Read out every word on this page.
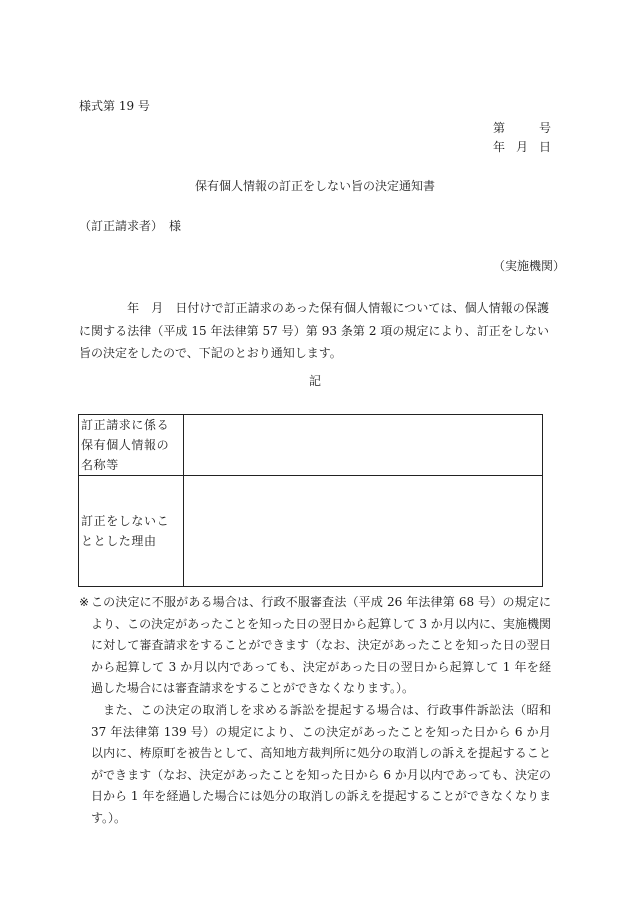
様式第 19 号
第	号
年 月 日
保有個人情報の訂正をしない旨の決定通知書
（訂正請求者）　様
（実施機関）

　年　月　日付けで訂正請求のあった保有個人情報については、個人情報の保護に関する法律（平成 15 年法律第 57 号）第 93 条第 2 項の規定により、訂正をしない旨の決定をしたので、下記のとおり通知します。

記
訂正請求に係る保有個人情報の名称等	
訂正をしないこととした理由	
※ この決定に不服がある場合は、行政不服審査法（平成 26 年法律第 68 号）の規定により、この決定があったことを知った日の翌日から起算して 3 か月以内に、実施機関に対して審査請求をすることができます（なお、決定があったことを知った日の翌日から起算して 3 か月以内であっても、決定があった日の翌日から起算して 1 年を経過した場合には審査請求をすることができなくなります。）。

また、この決定の取消しを求める訴訟を提起する場合は、行政事件訴訟法（昭和 37 年法律第 139 号）の規定により、この決定があったことを知った日から 6 か月以内に、梼原町を被告として、高知地方裁判所に処分の取消しの訴えを提起することができます（なお、決定があったことを知った日から 6 か月以内であっても、決定の日から 1 年を経過した場合には処分の取消しの訴えを提起することができなくなります。）。
